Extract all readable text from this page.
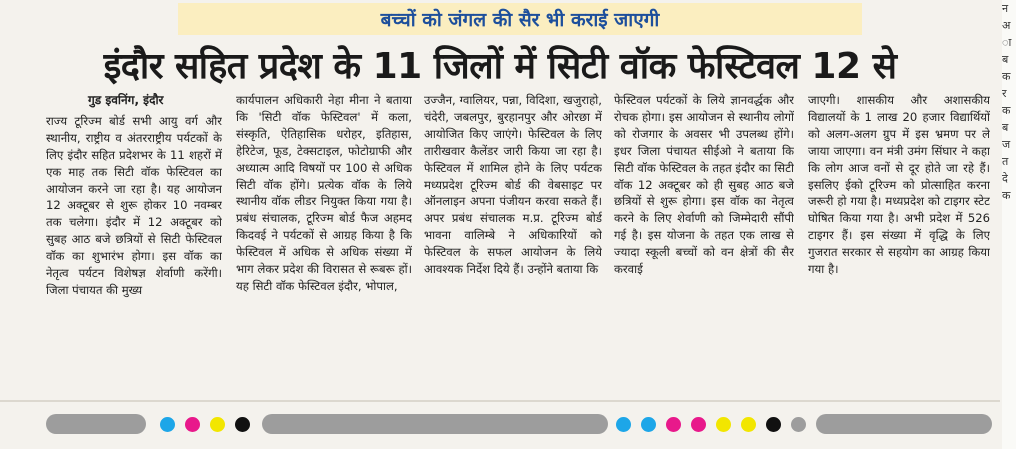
बच्चों को जंगल की सैर भी कराई जाएगी
इंदौर सहित प्रदेश के 11 जिलों में सिटी वॉक फेस्टिवल 12 से
गुड इवनिंग, इंदौर

राज्य टूरिज्म बोर्ड सभी आयु वर्ग और स्थानीय, राष्ट्रीय व अंतरराष्ट्रीय पर्यटकों के लिए इंदौर सहित प्रदेशभर के 11 शहरों में एक माह तक सिटी वॉक फेस्टिवल का आयोजन करने जा रहा है। यह आयोजन 12 अक्टूबर से शुरू होकर 10 नवम्बर तक चलेगा। इंदौर में 12 अक्टूबर को सुबह आठ बजे छत्रियों से सिटी फेस्टिवल वॉक का शुभारंभ होगा। इस वॉक का नेतृत्व पर्यटन विशेषज्ञ शेर्वाणी करेंगी। जिला पंचायत की मुख्य

कार्यपालन अधिकारी नेहा मीना ने बताया कि 'सिटी वॉक फेस्टिवल' में कला, संस्कृति, ऐतिहासिक धरोहर, इतिहास, हेरिटेज, फूड, टेक्सटाइल, फोटोग्राफी और अध्यात्म आदि विषयों पर 100 से अधिक सिटी वॉक होंगे। प्रत्येक वॉक के लिये स्थानीय वॉक लीडर नियुक्त किया गया है। प्रबंध संचालक, टूरिज्म बोर्ड फैज अहमद किदवई ने पर्यटकों से आग्रह किया है कि फेस्टिवल में अधिक से अधिक संख्या में भाग लेकर प्रदेश की विरासत से रूबरू हों। यह सिटी वॉक फेस्टिवल इंदौर, भोपाल,

उज्जैन, ग्वालियर, पन्ना, विदिशा, खजुराहो, चंदेरी, जबलपुर, बुरहानपुर और ओरछा में आयोजित किए जाएंगे। फेस्टिवल के लिए तारीखवार कैलेंडर जारी किया जा रहा है। फेस्टिवल में शामिल होने के लिए पर्यटक मध्यप्रदेश टूरिज्म बोर्ड की वेबसाइट पर ऑनलाइन अपना पंजीयन करवा सकते हैं। अपर प्रबंध संचालक म.प्र. टूरिज्म बोर्ड भावना वालिम्बे ने अधिकारियों को फेस्टिवल के सफल आयोजन के लिये आवश्यक निर्देश दिये हैं। उन्होंने बताया कि

फेस्टिवल पर्यटकों के लिये ज्ञानवर्द्धक और रोचक होगा। इस आयोजन से स्थानीय लोगों को रोजगार के अवसर भी उपलब्ध होंगे। इधर जिला पंचायत सीईओ ने बताया कि सिटी वॉक फेस्टिवल के तहत इंदौर का सिटी वॉक 12 अक्टूबर को ही सुबह आठ बजे छत्रियों से शुरू होगा। इस वॉक का नेतृत्व करने के लिए शेर्वाणी को जिम्मेदारी सौंपी गई है। इस योजना के तहत एक लाख से ज्यादा स्कूली बच्चों को वन क्षेत्रों की सैर करवाई

जाएगी। शासकीय और अशासकीय विद्यालयों के 1 लाख 20 हजार विद्यार्थियों को अलग-अलग ग्रुप में इस भ्रमण पर ले जाया जाएगा। वन मंत्री उमंग सिंघार ने कहा कि लोग आज वनों से दूर होते जा रहे हैं। इसलिए ईको टूरिज्म को प्रोत्साहित करना जरूरी हो गया है। मध्यप्रदेश को टाइगर स्टेट घोषित किया गया है। अभी प्रदेश में 526 टाइगर हैं। इस संख्या में वृद्धि के लिए गुजरात सरकार से सहयोग का आग्रह किया गया है।

न अ ा ब क र क ब ज त दे क
